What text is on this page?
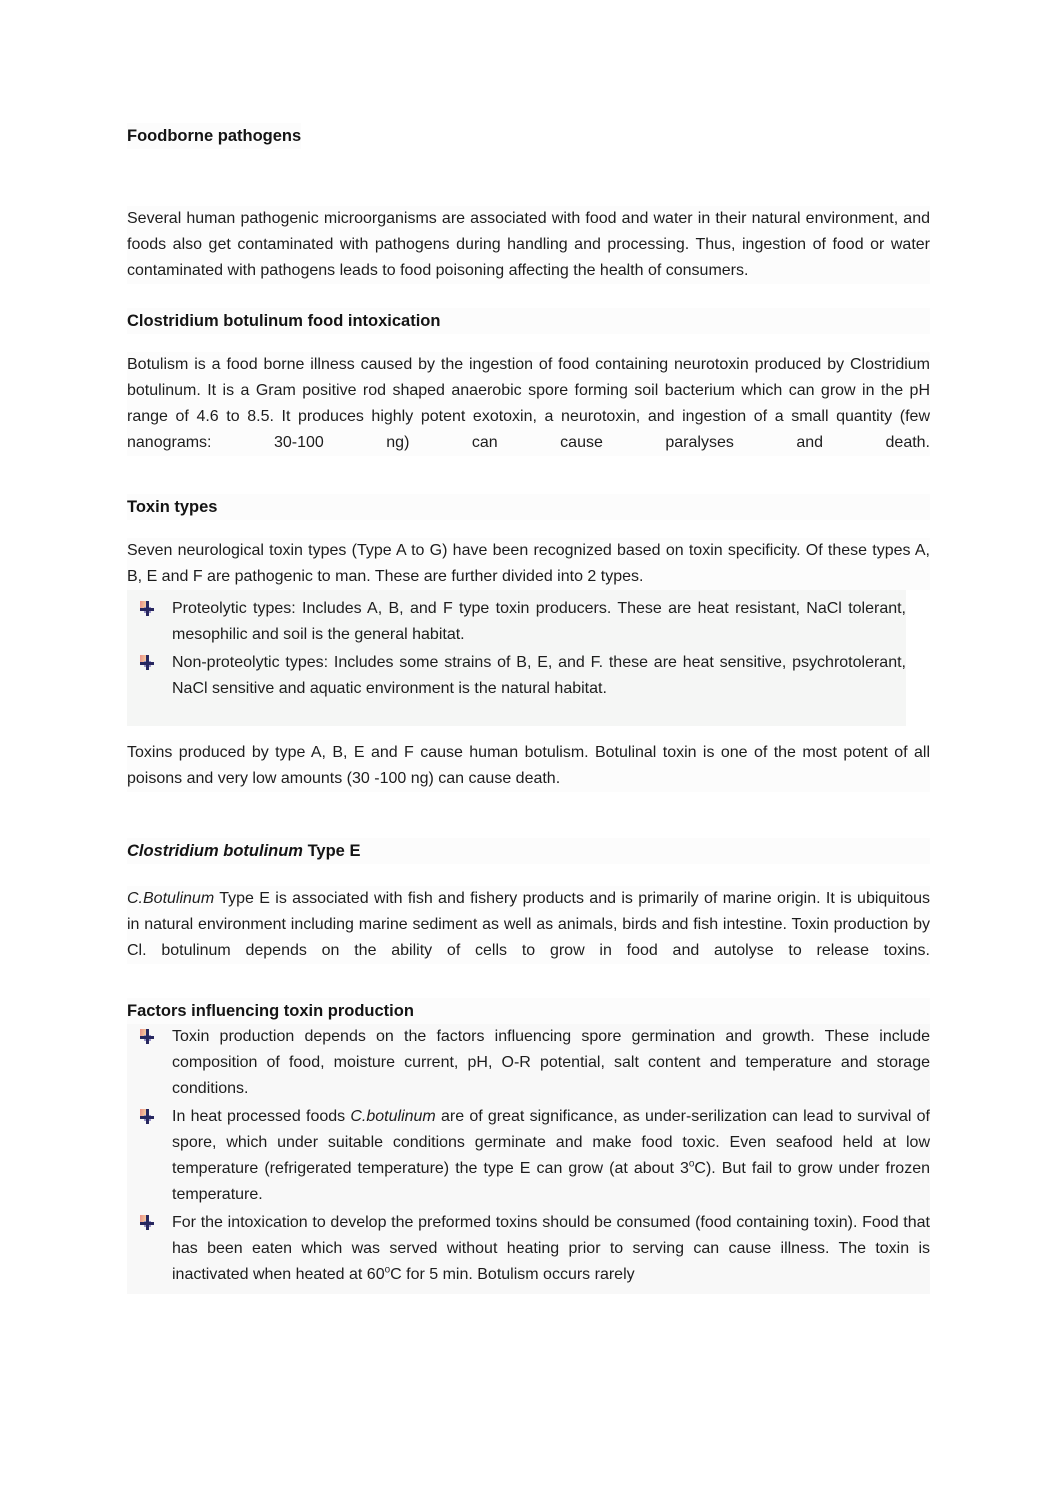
Foodborne pathogens

Several human pathogenic microorganisms are associated with food and water in their natural environment, and foods also get contaminated with pathogens during handling and processing. Thus, ingestion of food or water contaminated with pathogens leads to food poisoning affecting the health of consumers.

Clostridium botulinum food intoxication

Botulism is a food borne illness caused by the ingestion of food containing neurotoxin produced by Clostridium botulinum. It is a Gram positive rod shaped anaerobic spore forming soil bacterium which can grow in the pH range of 4.6 to 8.5. It produces highly potent exotoxin, a neurotoxin, and ingestion of a small quantity (few nanograms: 30-100 ng) can cause paralyses and death.

Toxin types

Seven neurological toxin types (Type A to G) have been recognized based on toxin specificity. Of these types A, B, E and F are pathogenic to man. These are further divided into 2 types.

Proteolytic types: Includes A, B, and F type toxin producers. These are heat resistant, NaCl tolerant, mesophilic and soil is the general habitat.
Non-proteolytic types: Includes some strains of B, E, and F. these are heat sensitive, psychrotolerant, NaCl sensitive and aquatic environment is the natural habitat.

Toxins produced by type A, B, E and F cause human botulism. Botulinal toxin is one of the most potent of all poisons and very low amounts (30 -100 ng) can cause death.

Clostridium botulinum Type E

C.Botulinum Type E is associated with fish and fishery products and is primarily of marine origin. It is ubiquitous in natural environment including marine sediment as well as animals, birds and fish intestine. Toxin production by Cl. botulinum depends on the ability of cells to grow in food and autolyse to release toxins.

Factors influencing toxin production
Toxin production depends on the factors influencing spore germination and growth. These include composition of food, moisture current, pH, O-R potential, salt content and temperature and storage conditions.
In heat processed foods C.botulinum are of great significance, as under-serilization can lead to survival of spore, which under suitable conditions germinate and make food toxic. Even seafood held at low temperature (refrigerated temperature) the type E can grow (at about 3$^o$C). But fail to grow under frozen temperature.
For the intoxication to develop the preformed toxins should be consumed (food containing toxin). Food that has been eaten which was served without heating prior to serving can cause illness. The toxin is inactivated when heated at 60$^o$C for 5 min. Botulism occurs rarely
